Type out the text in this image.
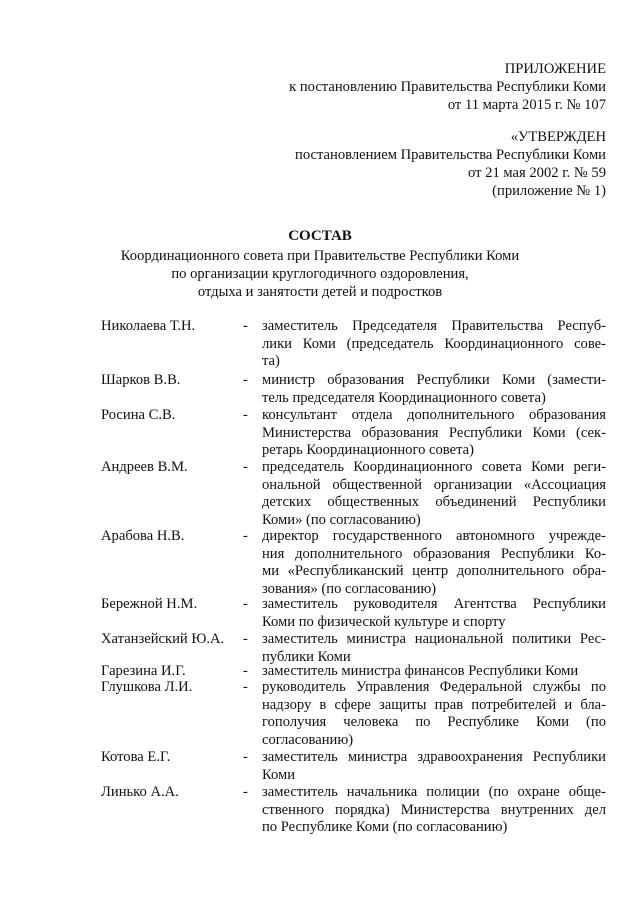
ПРИЛОЖЕНИЕ
к постановлению Правительства Республики Коми
от 11 марта 2015 г. № 107
«УТВЕРЖДЕН
постановлением Правительства Республики Коми
от 21 мая 2002 г. № 59
(приложение № 1)
СОСТАВ
Координационного совета при Правительстве Республики Коми
по организации круглогодичного оздоровления,
отдыха и занятости детей и подростков
Николаева Т.Н.	- заместитель Председателя Правительства Респуб-
лики Коми (председатель Координационного сове-
та)
Шарков В.В.	- министр образования Республики Коми (замести-
тель председателя Координационного совета)
Росина С.В.	- консультант отдела дополнительного образования
Министерства образования Республики Коми (сек-
ретарь Координационного совета)
Андреев В.М.	- председатель Координационного совета Коми реги-
ональной общественной организации «Ассоциация
детских общественных объединений Республики
Коми» (по согласованию)
Арабова Н.В.	- директор государственного автономного учрежде-
ния дополнительного образования Республики Ко-
ми «Республиканский центр дополнительного обра-
зования» (по согласованию)
Бережной Н.М.	- заместитель руководителя Агентства Республики
Коми по физической культуре и спорту
Хатанзейский Ю.А. - заместитель министра национальной политики Рес-
публики Коми
Гарезина И.Г.	- заместитель министра финансов Республики Коми
Глушкова Л.И.	- руководитель Управления Федеральной службы по
надзору в сфере защиты прав потребителей и бла-
гополучия человека по Республике Коми (по
согласованию)
Котова Е.Г.	- заместитель министра здравоохранения Республики
Коми
Линько А.А.	- заместитель начальника полиции (по охране обще-
ственного порядка) Министерства внутренних дел
по Республике Коми (по согласованию)
